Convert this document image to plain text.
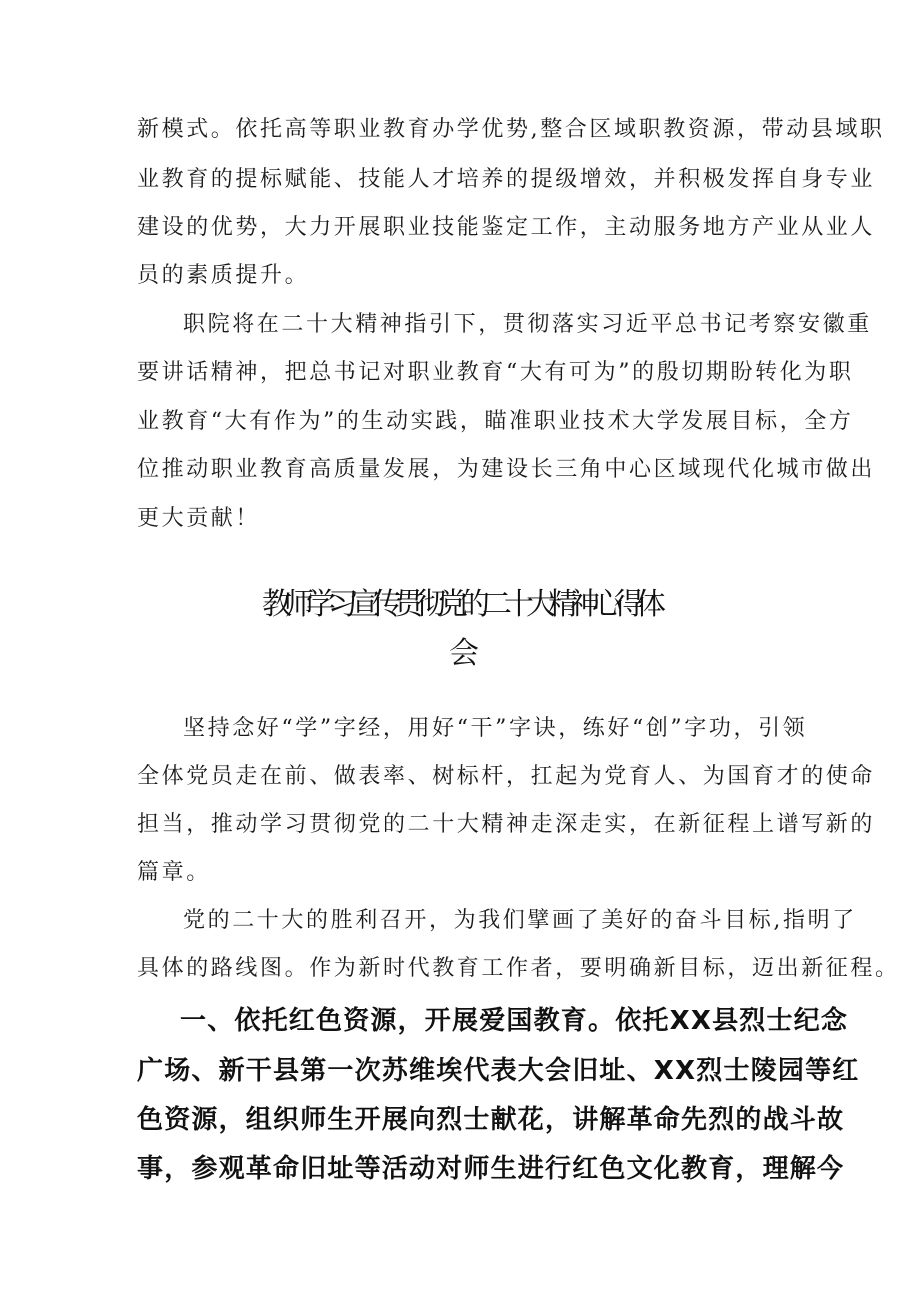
新模式。依托高等职业教育办学优势,整合区域职教资源，带动县域职
业教育的提标赋能、技能人才培养的提级增效，并积极发挥自身专业
建设的优势，大力开展职业技能鉴定工作，主动服务地方产业从业人
员的素质提升。
职院将在二十大精神指引下，贯彻落实习近平总书记考察安徽重
要讲话精神，把总书记对职业教育“大有可为”的殷切期盼转化为职
业教育“大有作为”的生动实践，瞄准职业技术大学发展目标，全方
位推动职业教育高质量发展，为建设长三角中心区域现代化城市做出
更大贡献！
教师学习宣传贯彻党的二十大精神心得体
会
坚持念好“学”字经，用好“干”字诀，练好“创”字功，引领
全体党员走在前、做表率、树标杆，扛起为党育人、为国育才的使命
担当，推动学习贯彻党的二十大精神走深走实，在新征程上谱写新的
篇章。
党的二十大的胜利召开，为我们擘画了美好的奋斗目标,指明了
具体的路线图。作为新时代教育工作者，要明确新目标，迈出新征程。
一、依托红色资源，开展爱国教育。依托XX县烈士纪念
广场、新干县第一次苏维埃代表大会旧址、XX烈士陵园等红
色资源，组织师生开展向烈士献花，讲解革命先烈的战斗故
事，参观革命旧址等活动对师生进行红色文化教育，理解今
